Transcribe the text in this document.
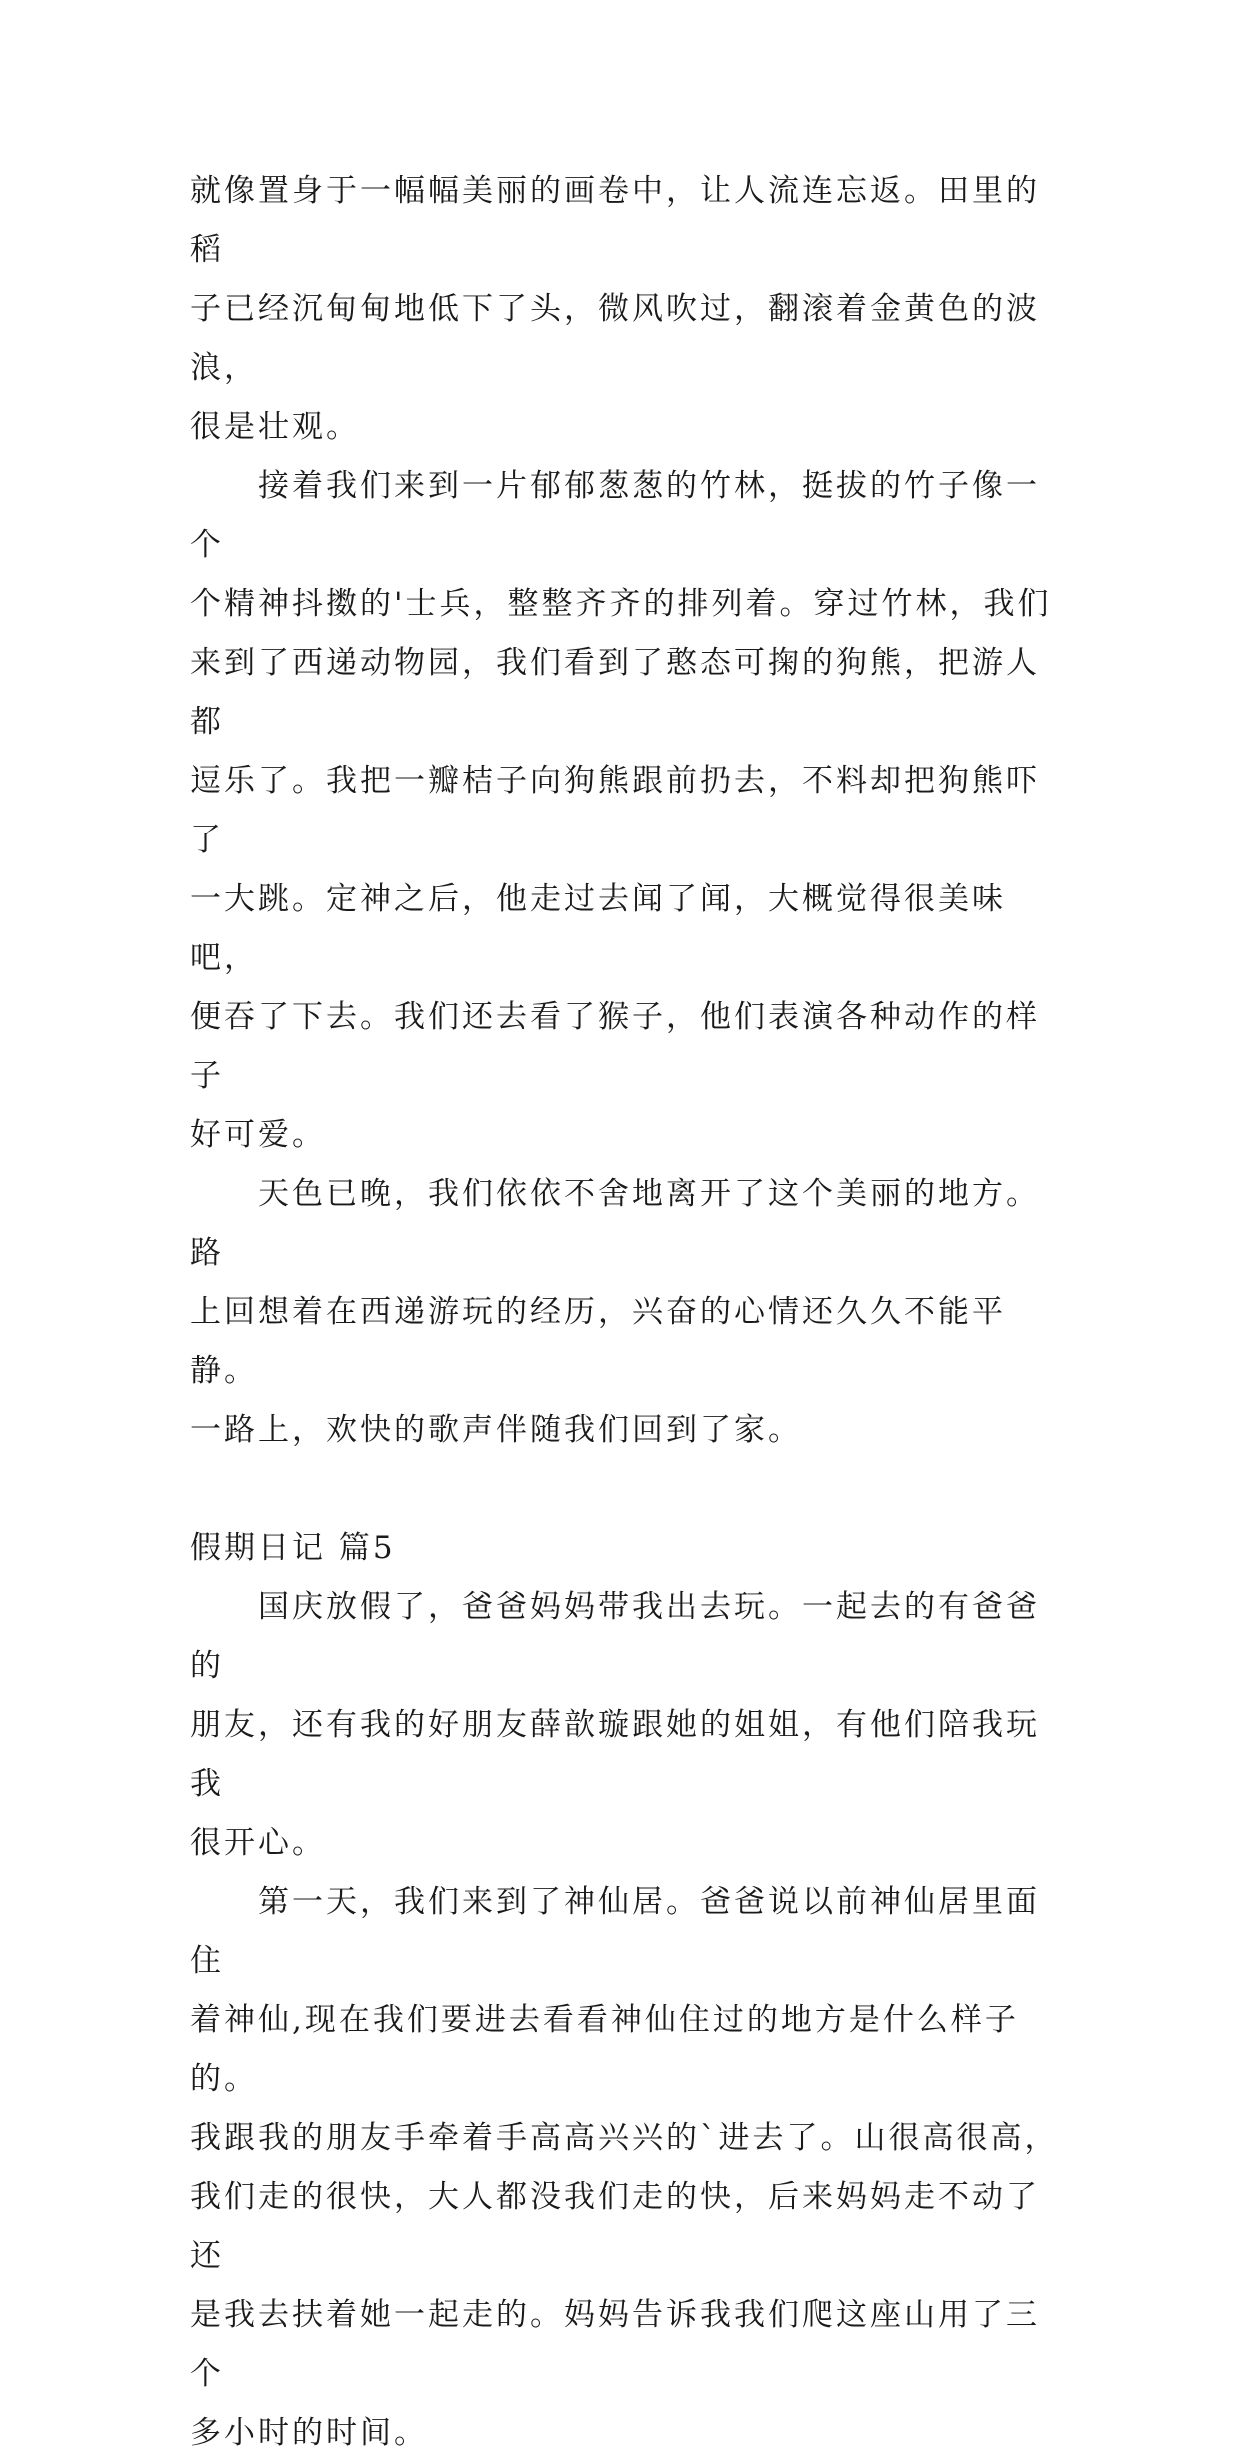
就像置身于一幅幅美丽的画卷中，让人流连忘返。田里的稻
子已经沉甸甸地低下了头，微风吹过，翻滚着金黄色的波浪，
很是壮观。

　　接着我们来到一片郁郁葱葱的竹林，挺拔的竹子像一个
个精神抖擞的'士兵，整整齐齐的排列着。穿过竹林，我们
来到了西递动物园，我们看到了憨态可掬的狗熊，把游人都
逗乐了。我把一瓣桔子向狗熊跟前扔去，不料却把狗熊吓了
一大跳。定神之后，他走过去闻了闻，大概觉得很美味吧，
便吞了下去。我们还去看了猴子，他们表演各种动作的样子
好可爱。

　　天色已晚，我们依依不舍地离开了这个美丽的地方。路
上回想着在西递游玩的经历，兴奋的心情还久久不能平静。
一路上，欢快的歌声伴随我们回到了家。

假期日记 篇5

　　国庆放假了，爸爸妈妈带我出去玩。一起去的有爸爸的
朋友，还有我的好朋友薛歆璇跟她的姐姐，有他们陪我玩我
很开心。

　　第一天，我们来到了神仙居。爸爸说以前神仙居里面住
着神仙,现在我们要进去看看神仙住过的地方是什么样子的。
我跟我的朋友手牵着手高高兴兴的`进去了。山很高很高，
我们走的很快，大人都没我们走的快，后来妈妈走不动了还
是我去扶着她一起走的。妈妈告诉我我们爬这座山用了三个
多小时的时间。
